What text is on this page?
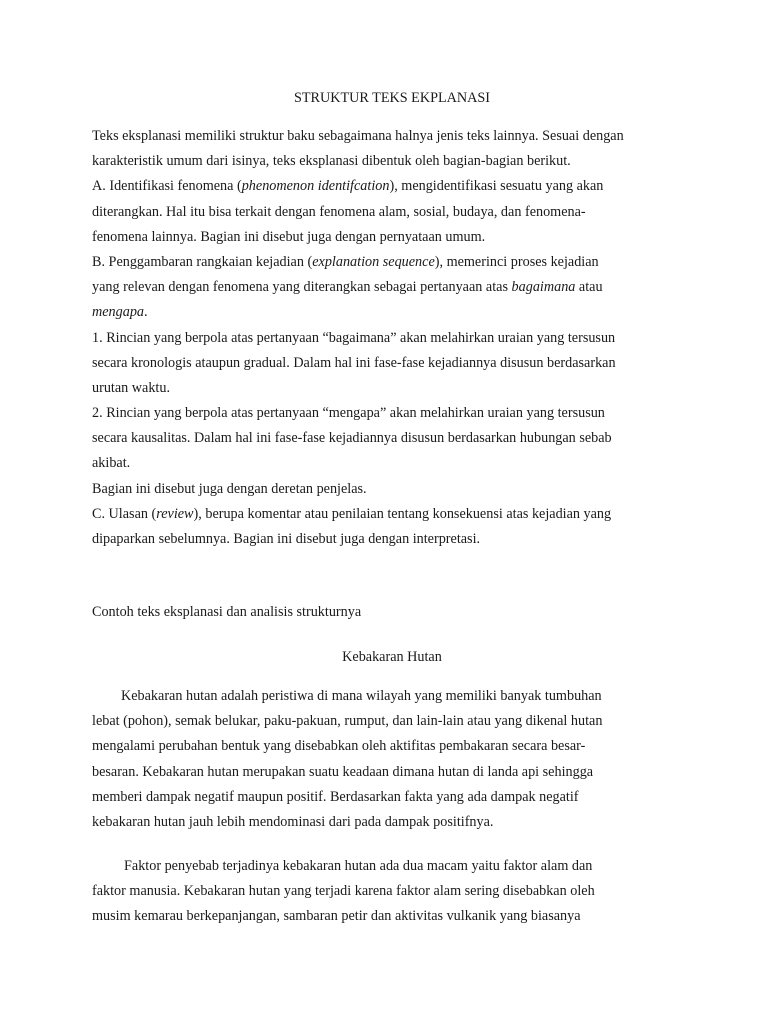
STRUKTUR TEKS EKPLANASI
Teks eksplanasi memiliki struktur baku sebagaimana halnya jenis teks lainnya. Sesuai dengan
karakteristik umum dari isinya, teks eksplanasi dibentuk oleh bagian-bagian berikut.
A. Identifikasi fenomena (phenomenon identifcation), mengidentifikasi sesuatu yang akan
diterangkan. Hal itu bisa terkait dengan fenomena alam, sosial, budaya, dan fenomena-
fenomena lainnya. Bagian ini disebut juga dengan pernyataan umum.
B. Penggambaran rangkaian kejadian (explanation sequence), memerinci proses kejadian
yang relevan dengan fenomena yang diterangkan sebagai pertanyaan atas bagaimana atau
mengapa.
1. Rincian yang berpola atas pertanyaan “bagaimana” akan melahirkan uraian yang tersusun
secara kronologis ataupun gradual. Dalam hal ini fase-fase kejadiannya disusun berdasarkan
urutan waktu.
2. Rincian yang berpola atas pertanyaan “mengapa” akan melahirkan uraian yang tersusun
secara kausalitas. Dalam hal ini fase-fase kejadiannya disusun berdasarkan hubungan sebab
akibat.
Bagian ini disebut juga dengan deretan penjelas.
C. Ulasan (review), berupa komentar atau penilaian tentang konsekuensi atas kejadian yang
dipaparkan sebelumnya. Bagian ini disebut juga dengan interpretasi.
Contoh teks eksplanasi dan analisis strukturnya
Kebakaran Hutan
Kebakaran hutan adalah peristiwa di mana wilayah yang memiliki banyak tumbuhan
lebat (pohon), semak belukar, paku-pakuan, rumput, dan lain-lain atau yang dikenal hutan
mengalami perubahan bentuk yang disebabkan oleh aktifitas pembakaran secara besar-
besaran. Kebakaran hutan merupakan suatu keadaan dimana hutan di landa api sehingga
memberi dampak negatif maupun positif. Berdasarkan fakta yang ada dampak negatif
kebakaran hutan jauh lebih mendominasi dari pada dampak positifnya.
Faktor penyebab terjadinya kebakaran hutan ada dua macam yaitu faktor alam dan
faktor manusia. Kebakaran hutan yang terjadi karena faktor alam sering disebabkan oleh
musim kemarau berkepanjangan, sambaran petir dan aktivitas vulkanik yang biasanya
